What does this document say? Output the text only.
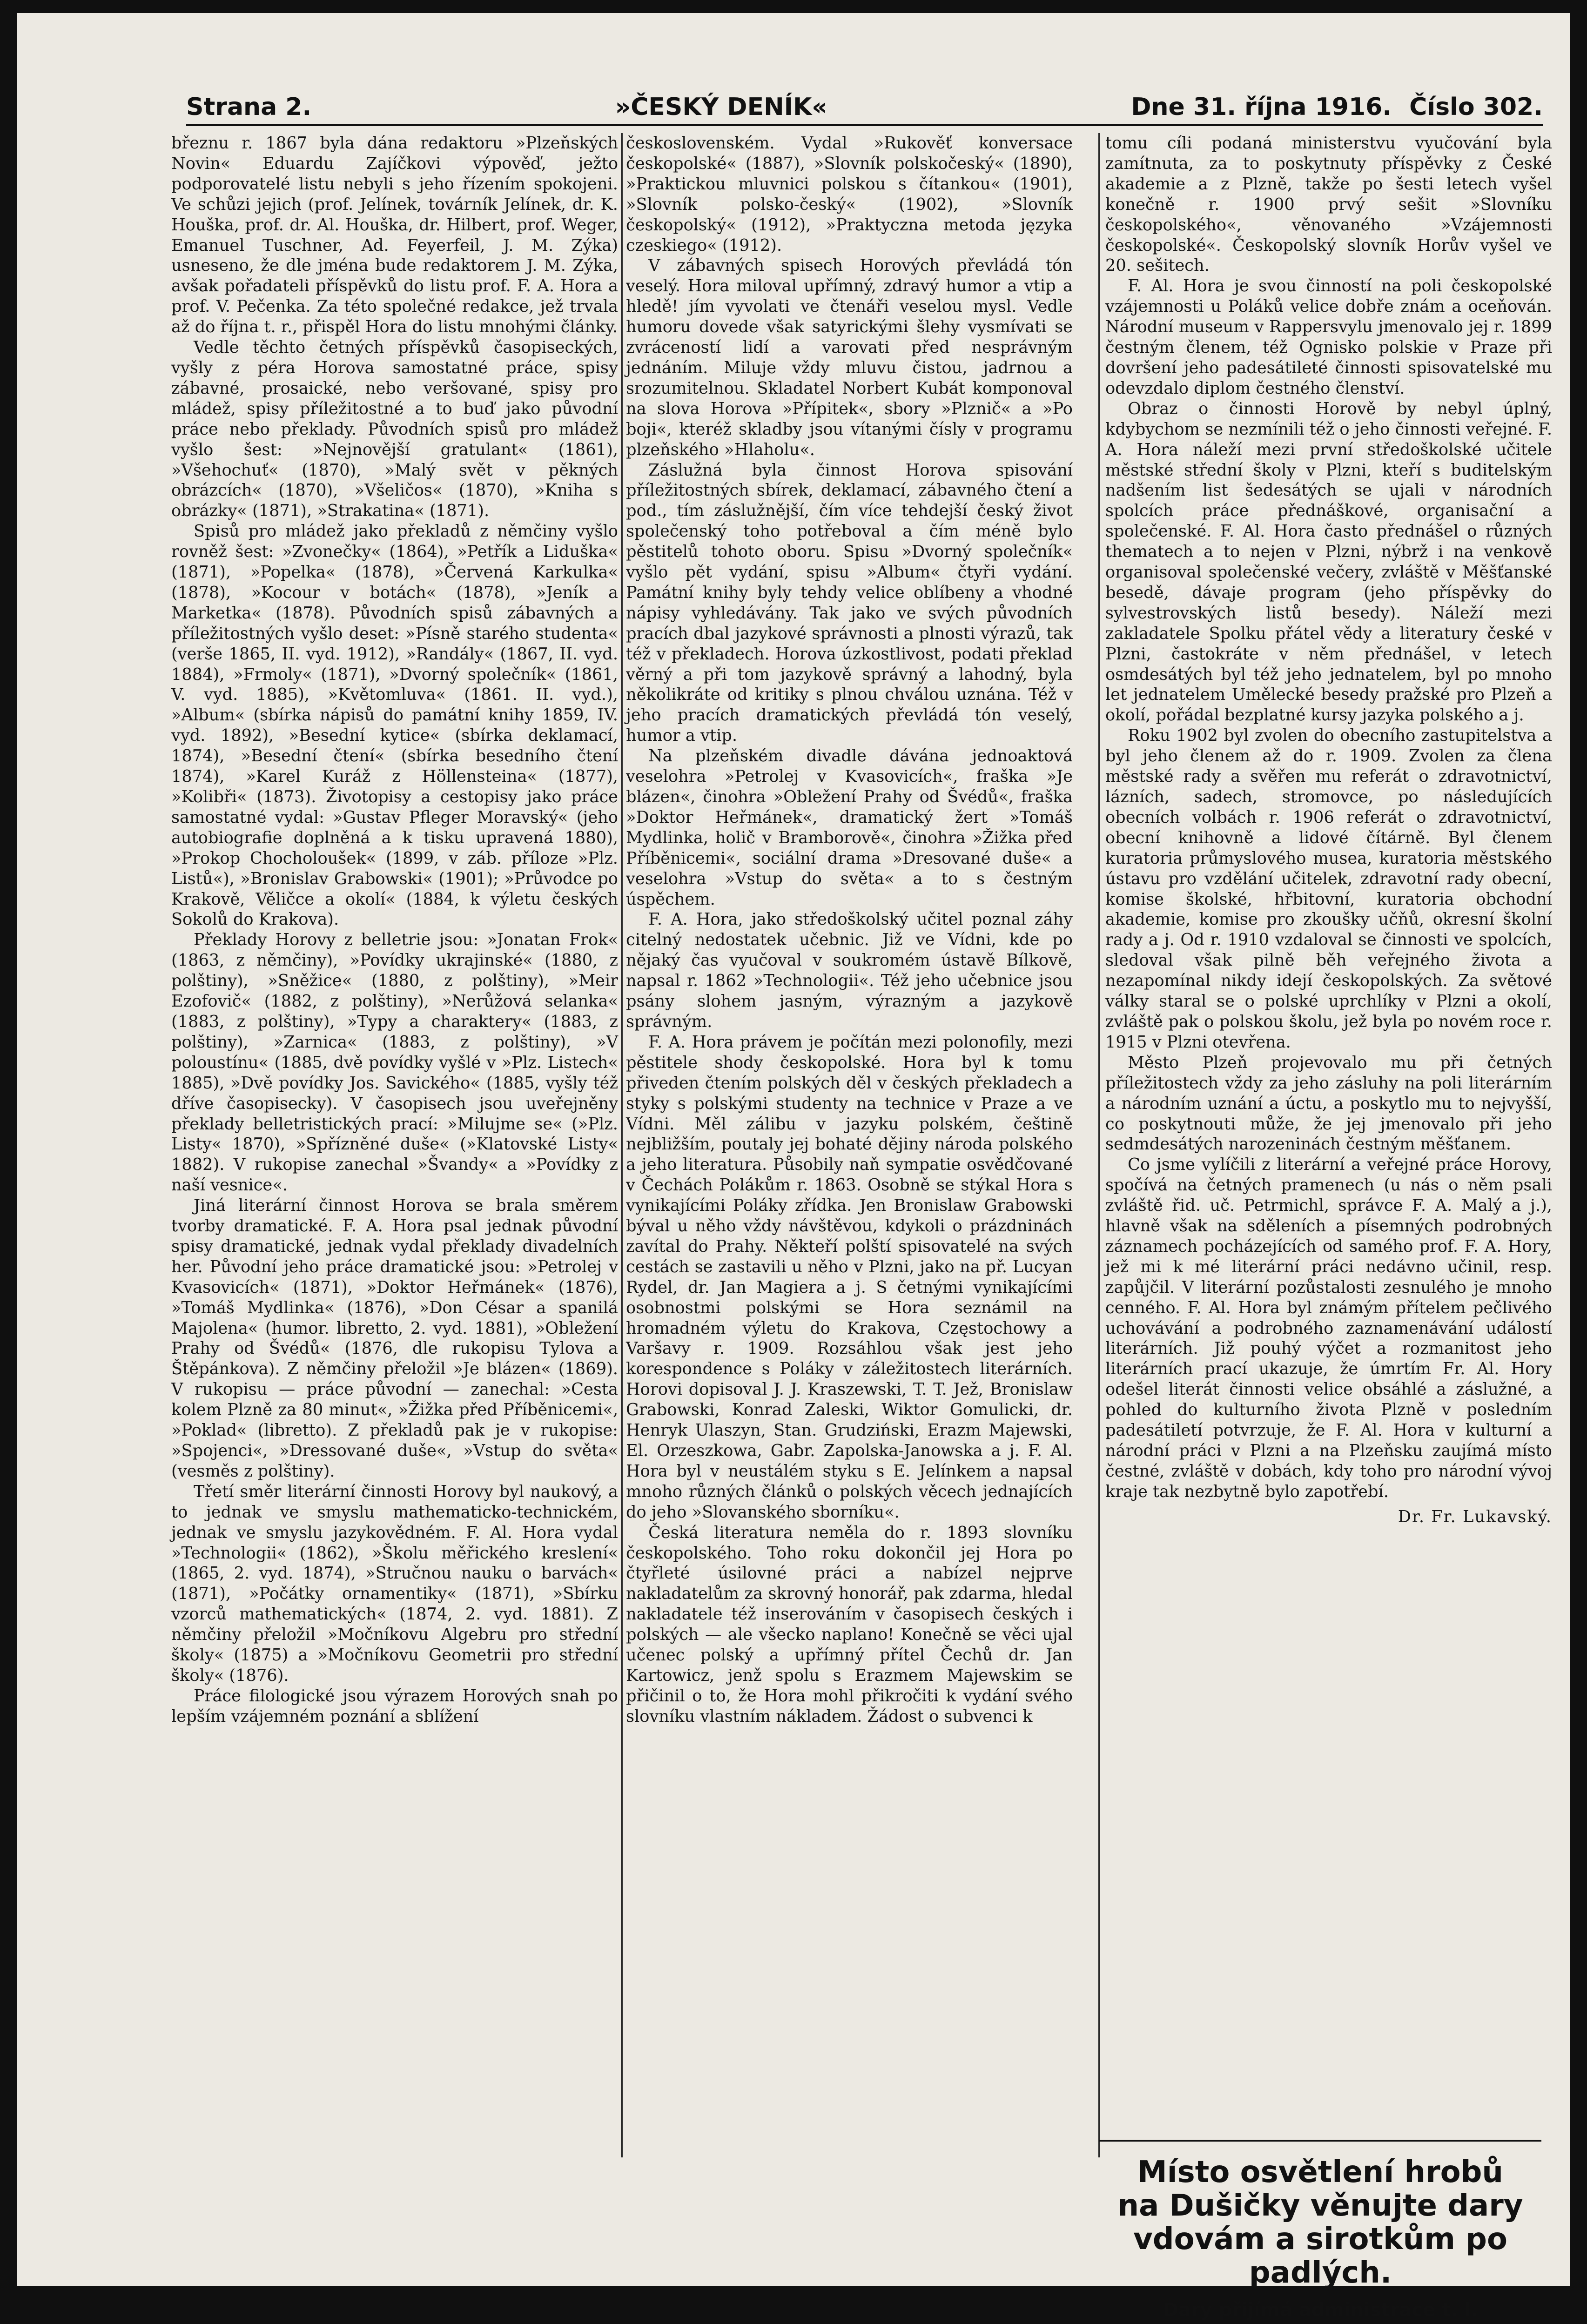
Strana 2.	»ČESKÝ DENÍK«	Dne 31. října 1916. Číslo 302.

březnu r. 1867 byla dána redaktoru »Plzeňských Novin« Eduardu Zajíčkovi výpověď, ježto podporovatelé listu nebyli s jeho řízením spokojeni. Ve schůzi jejich (prof. Jelínek, továrník Jelínek, dr. K. Houška, prof. dr. Al. Houška, dr. Hilbert, prof. Weger, Emanuel Tuschner, Ad. Feyerfeil, J. M. Zýka) usneseno, že dle jména bude redaktorem J. M. Zýka, avšak pořadateli příspěvků do listu prof. F. A. Hora a prof. V. Pečenka. Za této společné redakce, jež trvala až do října t. r., přispěl Hora do listu mnohými články.

Vedle těchto četných příspěvků časopiseckých, vyšly z péra Horova samostatné práce, spisy zábavné, prosaické, nebo veršované, spisy pro mládež, spisy příležitostné a to buď jako původní práce nebo překlady. Původních spisů pro mládež vyšlo šest: »Nejnovější gratulant« (1861), »Všehochuť« (1870), »Malý svět v pěkných obrázcích« (1870), »Všeličos« (1870), »Kniha s obrázky« (1871), »Strakatina« (1871).

Spisů pro mládež jako překladů z němčiny vyšlo rovněž šest: »Zvonečky« (1864), »Petřík a Liduška« (1871), »Popelka« (1878), »Červená Karkulka« (1878), »Kocour v botách« (1878), »Jeník a Marketka« (1878). Původních spisů zábavných a příležitostných vyšlo deset: »Písně starého studenta« (verše 1865, II. vyd. 1912), »Randály« (1867, II. vyd. 1884), »Frmoly« (1871), »Dvorný společník« (1861, V. vyd. 1885), »Květomluva« (1861. II. vyd.), »Album« (sbírka nápisů do památní knihy 1859, IV. vyd. 1892), »Besední kytice« (sbírka deklamací, 1874), »Besední čtení« (sbírka besedního čtení 1874), »Karel Kuráž z Höllensteina« (1877), »Kolibři« (1873). Životopisy a cestopisy jako práce samostatné vydal: »Gustav Pfleger Moravský« (jeho autobiografie doplněná a k tisku upravená 1880), »Prokop Chocholoušek« (1899, v záb. příloze »Plz. Listů«), »Bronislav Grabowski« (1901); »Průvodce po Krakově, Věličce a okolí« (1884, k výletu českých Sokolů do Krakova).

Překlady Horovy z belletrie jsou: »Jonatan Frok« (1863, z němčiny), »Povídky ukrajinské« (1880, z polštiny), »Sněžice« (1880, z polštiny), »Meir Ezofovič« (1882, z polštiny), »Nerůžová selanka« (1883, z polštiny), »Typy a charaktery« (1883, z polštiny), »Zarnica« (1883, z polštiny), »V poloustínu« (1885, dvě povídky vyšlé v »Plz. Listech« 1885), »Dvě povídky Jos. Savického« (1885, vyšly též dříve časopisecky). V časopisech jsou uveřejněny překlady belletristických prací: »Milujme se« (»Plz. Listy« 1870), »Spřízněné duše« (»Klatovské Listy« 1882). V rukopise zanechal »Švandy« a »Povídky z naší vesnice«.

Jiná literární činnost Horova se brala směrem tvorby dramatické. F. A. Hora psal jednak původní spisy dramatické, jednak vydal překlady divadelních her. Původní jeho práce dramatické jsou: »Petrolej v Kvasovicích« (1871), »Doktor Heřmánek« (1876), »Tomáš Mydlinka« (1876), »Don César a spanilá Majolena« (humor. libretto, 2. vyd. 1881), »Obležení Prahy od Švédů« (1876, dle rukopisu Tylova a Štěpánkova). Z němčiny přeložil »Je blázen« (1869). V rukopisu — práce původní — zanechal: »Cesta kolem Plzně za 80 minut«, »Žižka před Příběnicemi«, »Poklad« (libretto). Z překladů pak je v rukopise: »Spojenci«, »Dressované duše«, »Vstup do světa« (vesměs z polštiny).

Třetí směr literární činnosti Horovy byl naukový, a to jednak ve smyslu mathematicko-technickém, jednak ve smyslu jazykovědném. F. Al. Hora vydal »Technologii« (1862), »Školu měřického kreslení« (1865, 2. vyd. 1874), »Stručnou nauku o barvách« (1871), »Počátky ornamentiky« (1871), »Sbírku vzorců mathematických« (1874, 2. vyd. 1881). Z němčiny přeložil »Močníkovu Algebru pro střední školy« (1875) a »Močníkovu Geometrii pro střední školy« (1876).

Práce filologické jsou výrazem Horových snah po lepším vzájemném poznání a sblížení

československém. Vydal »Rukověť konversace českopolské« (1887), »Slovník polskočeský« (1890), »Praktickou mluvnici polskou s čítankou« (1901), »Slovník polsko-český« (1902), »Slovník českopolský« (1912), »Praktyczna metoda języka czeskiego« (1912).

V zábavných spisech Horových převládá tón veselý. Hora miloval upřímný, zdravý humor a vtip a hledě! jím vyvolati ve čtenáři veselou mysl. Vedle humoru dovede však satyrickými šlehy vysmívati se zvráceností lidí a varovati před nesprávným jednáním. Miluje vždy mluvu čistou, jadrnou a srozumitelnou. Skladatel Norbert Kubát komponoval na slova Horova »Přípitek«, sbory »Plznič« a »Po boji«, kteréž skladby jsou vítanými čísly v programu plzeňského »Hlaholu«.

Záslužná byla činnost Horova spisování příležitostných sbírek, deklamací, zábavného čtení a pod., tím záslužnější, čím více tehdejší český život společenský toho potřeboval a čím méně bylo pěstitelů tohoto oboru. Spisu »Dvorný společník« vyšlo pět vydání, spisu »Album« čtyři vydání. Památní knihy byly tehdy velice oblíbeny a vhodné nápisy vyhledávány. Tak jako ve svých původních pracích dbal jazykové správnosti a plnosti výrazů, tak též v překladech. Horova úzkostlivost, podati překlad věrný a při tom jazykově správný a lahodný, byla několikráte od kritiky s plnou chválou uznána. Též v jeho pracích dramatických převládá tón veselý, humor a vtip.

Na plzeňském divadle dávána jednoaktová veselohra »Petrolej v Kvasovicích«, fraška »Je blázen«, činohra »Obležení Prahy od Švédů«, fraška »Doktor Heřmánek«, dramatický žert »Tomáš Mydlinka, holič v Bramborově«, činohra »Žižka před Příběnicemi«, sociální drama »Dresované duše« a veselohra »Vstup do světa« a to s čestným úspěchem.

F. A. Hora, jako středoškolský učitel poznal záhy citelný nedostatek učebnic. Již ve Vídni, kde po nějaký čas vyučoval v soukromém ústavě Bílkově, napsal r. 1862 »Technologii«. Též jeho učebnice jsou psány slohem jasným, výrazným a jazykově správným.

F. A. Hora právem je počítán mezi polonofily, mezi pěstitele shody českopolské. Hora byl k tomu přiveden čtením polských děl v českých překladech a styky s polskými studenty na technice v Praze a ve Vídni. Měl zálibu v jazyku polském, češtině nejbližším, poutaly jej bohaté dějiny národa polského a jeho literatura. Působily naň sympatie osvědčované v Čechách Polákům r. 1863. Osobně se stýkal Hora s vynikajícími Poláky zřídka. Jen Bronislaw Grabowski býval u něho vždy návštěvou, kdykoli o prázdninách zavítal do Prahy. Někteří polští spisovatelé na svých cestách se zastavili u něho v Plzni, jako na př. Lucyan Rydel, dr. Jan Magiera a j. S četnými vynikajícími osobnostmi polskými se Hora seznámil na hromadném výletu do Krakova, Częstochowy a Varšavy r. 1909. Rozsáhlou však jest jeho korespondence s Poláky v záležitostech literárních. Horovi dopisoval J. J. Kraszewski, T. T. Jež, Bronislaw Grabowski, Konrad Zaleski, Wiktor Gomulicki, dr. Henryk Ulaszyn, Stan. Grudziński, Erazm Majewski, El. Orzeszkowa, Gabr. Zapolska-Janowska a j. F. Al. Hora byl v neustálém styku s E. Jelínkem a napsal mnoho různých článků o polských věcech jednajících do jeho »Slovanského sborníku«.

Česká literatura neměla do r. 1893 slovníku českopolského. Toho roku dokončil jej Hora po čtyřleté úsilovné práci a nabízel nejprve nakladatelům za skrovný honorář, pak zdarma, hledal nakladatele též inserováním v časopisech českých i polských — ale všecko naplano! Konečně se věci ujal učenec polský a upřímný přítel Čechů dr. Jan Kartowicz, jenž spolu s Erazmem Majewskim se přičinil o to, že Hora mohl přikročiti k vydání svého slovníku vlastním nákladem. Žádost o subvenci k

tomu cíli podaná ministerstvu vyučování byla zamítnuta, za to poskytnuty příspěvky z České akademie a z Plzně, takže po šesti letech vyšel konečně r. 1900 prvý sešit »Slovníku českopolského«, věnovaného »Vzájemnosti českopolské«. Českopolský slovník Horův vyšel ve 20. sešitech.

F. Al. Hora je svou činností na poli českopolské vzájemnosti u Poláků velice dobře znám a oceňován. Národní museum v Rappersvylu jmenovalo jej r. 1899 čestným členem, též Ognisko polskie v Praze při dovršení jeho padesátileté činnosti spisovatelské mu odevzdalo diplom čestného členství.

Obraz o činnosti Horově by nebyl úplný, kdybychom se nezmínili též o jeho činnosti veřejné. F. A. Hora náleží mezi první středoškolské učitele městské střední školy v Plzni, kteří s buditelským nadšením list šedesátých se ujali v národních spolcích práce přednáškové, organisační a společenské. F. Al. Hora často přednášel o různých thematech a to nejen v Plzni, nýbrž i na venkově organisoval společenské večery, zvláště v Měšťanské besedě, dávaje program (jeho příspěvky do sylvestrovských listů besedy). Náleží mezi zakladatele Spolku přátel vědy a literatury české v Plzni, častokráte v něm přednášel, v letech osmdesátých byl též jeho jednatelem, byl po mnoho let jednatelem Umělecké besedy pražské pro Plzeň a okolí, pořádal bezplatné kursy jazyka polského a j.

Roku 1902 byl zvolen do obecního zastupitelstva a byl jeho členem až do r. 1909. Zvolen za člena městské rady a svěřen mu referát o zdravotnictví, lázních, sadech, stromovce, po následujících obecních volbách r. 1906 referát o zdravotnictví, obecní knihovně a lidové čítárně. Byl členem kuratoria průmyslového musea, kuratoria městského ústavu pro vzdělání učitelek, zdravotní rady obecní, komise školské, hřbitovní, kuratoria obchodní akademie, komise pro zkoušky učňů, okresní školní rady a j. Od r. 1910 vzdaloval se činnosti ve spolcích, sledoval však pilně běh veřejného života a nezapomínal nikdy idejí českopolských. Za světové války staral se o polské uprchlíky v Plzni a okolí, zvláště pak o polskou školu, jež byla po novém roce r. 1915 v Plzni otevřena.

Město Plzeň projevovalo mu při četných příležitostech vždy za jeho zásluhy na poli literárním a národním uznání a úctu, a poskytlo mu to nejvyšší, co poskytnouti může, že jej jmenovalo při jeho sedmdesátých narozeninách čestným měšťanem.

Co jsme vylíčili z literární a veřejné práce Horovy, spočívá na četných pramenech (u nás o něm psali zvláště řid. uč. Petrmichl, správce F. A. Malý a j.), hlavně však na sděleních a písemných podrobných záznamech pocházejících od samého prof. F. A. Hory, jež mi k mé literární práci nedávno učinil, resp. zapůjčil. V literární pozůstalosti zesnulého je mnoho cenného. F. Al. Hora byl známým přítelem pečlivého uchovávání a podrobného zaznamenávání událostí literárních. Již pouhý výčet a rozmanitost jeho literárních prací ukazuje, že úmrtím Fr. Al. Hory odešel literát činnosti velice obsáhlé a záslužné, a pohled do kulturního života Plzně v posledním padesátiletí potvrzuje, že F. Al. Hora v kulturní a národní práci v Plzni a na Plzeňsku zaujímá místo čestné, zvláště v dobách, kdy toho pro národní vývoj kraje tak nezbytně bylo zapotřebí.

Dr. Fr. Lukavský.
Místo osvětlení hrobů
na Dušičky věnujte dary vdovám a sirotkům po padlých.
Dary přijímá administrace t. l.
